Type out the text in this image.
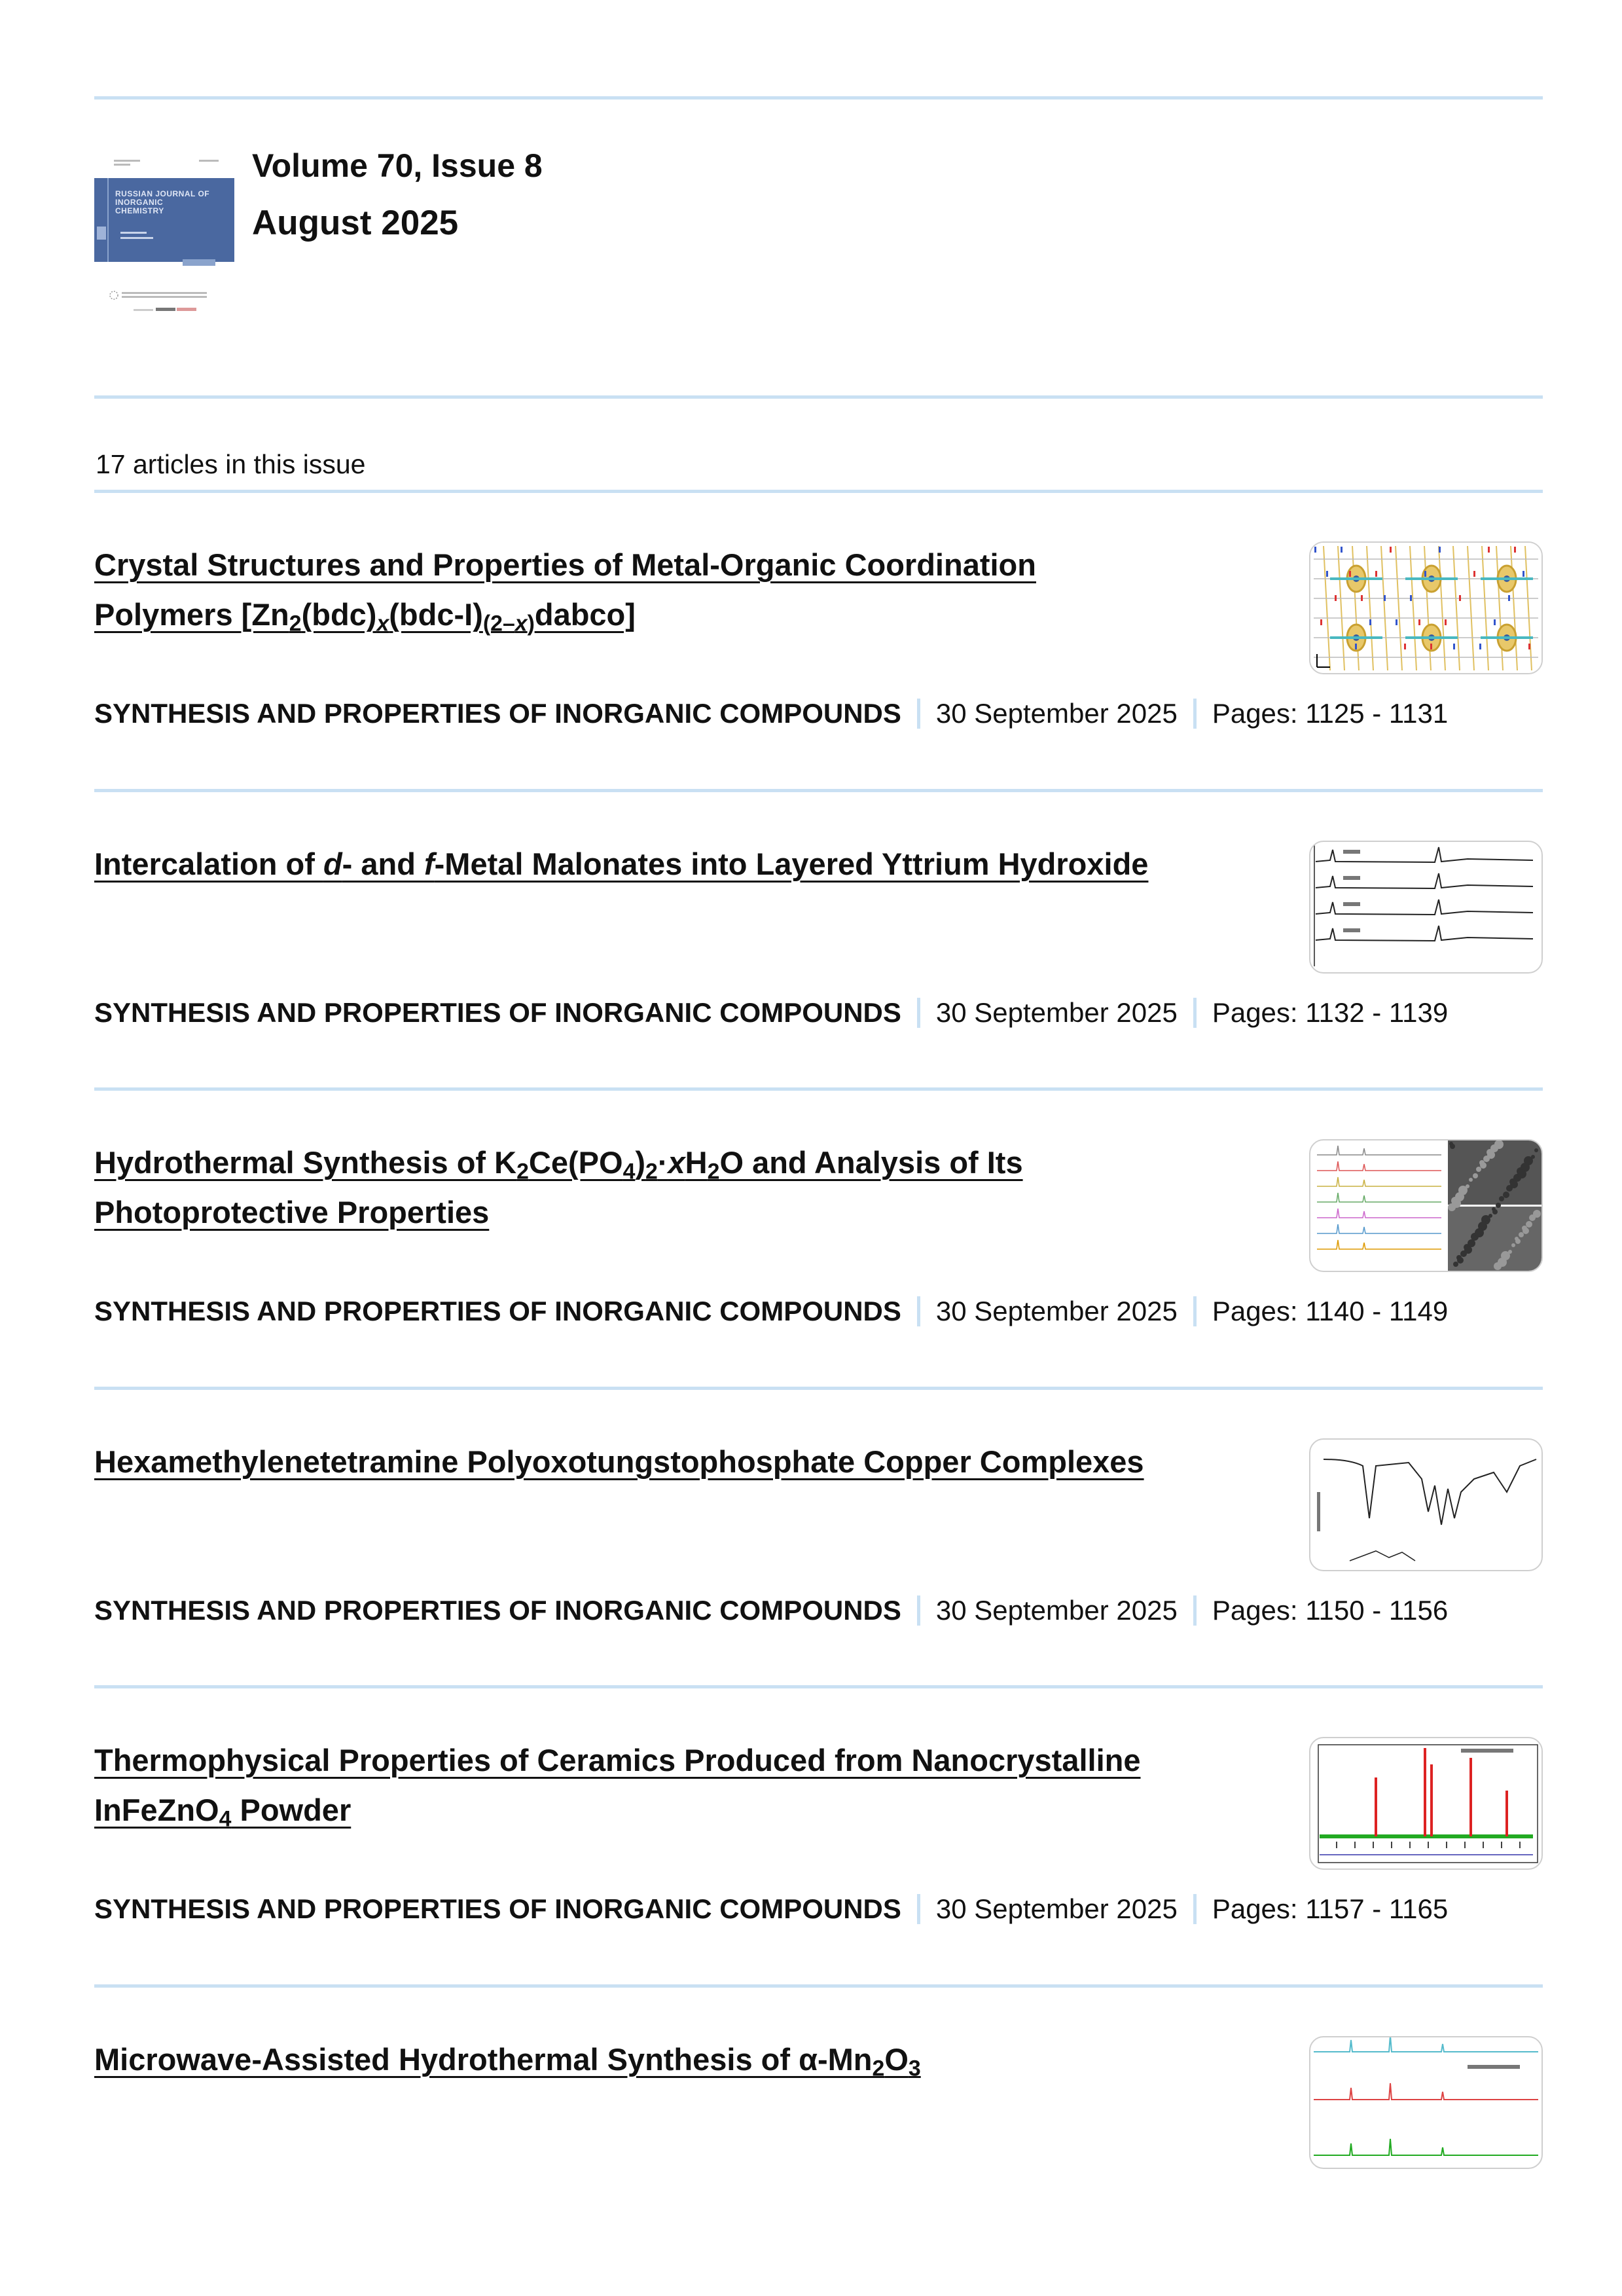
RUSSIAN JOURNAL OF INORGANIC CHEMISTRY
Volume 70, Issue 8
August 2025
17 articles in this issue
Crystal Structures and Properties of Metal-Organic Coordination
Polymers $[Zn_2(bdc)_x(bdc-I)_{(2-x)}dabco]$
SYNTHESIS AND PROPERTIES OF INORGANIC COMPOUNDS 30 September 2025 Pages: 1125 - 1131
Intercalation of d- and f-Metal Malonates into Layered Yttrium Hydroxide
SYNTHESIS AND PROPERTIES OF INORGANIC COMPOUNDS 30 September 2025 Pages: 1132 - 1139
Hydrothermal Synthesis of $K_2Ce(PO_4)_2\cdot xH_2O$ and Analysis of Its
Photoprotective Properties
SYNTHESIS AND PROPERTIES OF INORGANIC COMPOUNDS 30 September 2025 Pages: 1140 - 1149
Hexamethylenetetramine Polyoxotungstophosphate Copper Complexes
SYNTHESIS AND PROPERTIES OF INORGANIC COMPOUNDS 30 September 2025 Pages: 1150 - 1156
Thermophysical Properties of Ceramics Produced from Nanocrystalline
InFeZnO$_4$ Powder
SYNTHESIS AND PROPERTIES OF INORGANIC COMPOUNDS 30 September 2025 Pages: 1157 - 1165
Microwave-Assisted Hydrothermal Synthesis of $\alpha-Mn_2O_3$
